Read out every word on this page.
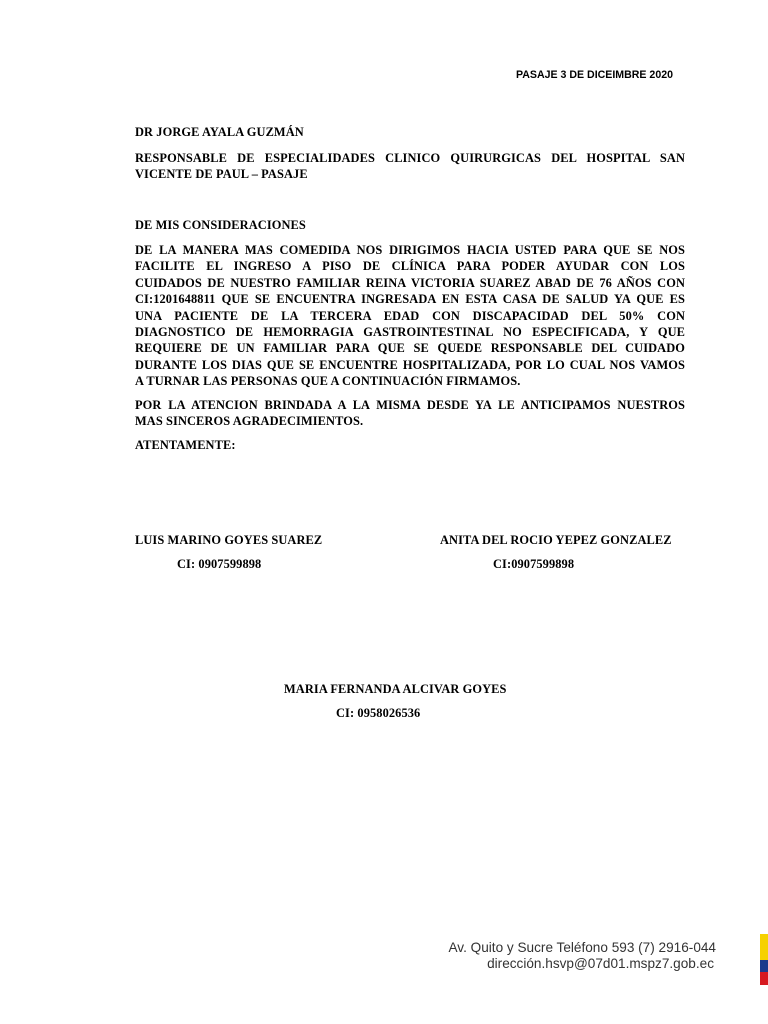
PASAJE 3 DE DICEIMBRE 2020
DR JORGE AYALA GUZMÁN
RESPONSABLE DE ESPECIALIDADES CLINICO QUIRURGICAS DEL HOSPITAL SAN
VICENTE DE PAUL – PASAJE
DE MIS CONSIDERACIONES
DE LA MANERA MAS COMEDIDA NOS DIRIGIMOS HACIA USTED PARA QUE SE NOS
FACILITE EL INGRESO A PISO DE CLÍNICA PARA PODER AYUDAR CON LOS
CUIDADOS DE NUESTRO FAMILIAR REINA VICTORIA SUAREZ ABAD DE 76 AÑOS CON
CI:1201648811 QUE SE ENCUENTRA INGRESADA EN ESTA CASA DE SALUD YA QUE ES
UNA PACIENTE DE LA TERCERA EDAD CON DISCAPACIDAD DEL 50% CON
DIAGNOSTICO DE HEMORRAGIA GASTROINTESTINAL NO ESPECIFICADA, Y QUE
REQUIERE DE UN FAMILIAR PARA QUE SE QUEDE RESPONSABLE DEL CUIDADO
DURANTE LOS DIAS QUE SE ENCUENTRE HOSPITALIZADA, POR LO CUAL NOS VAMOS
A TURNAR LAS PERSONAS QUE A CONTINUACIÓN FIRMAMOS.
POR LA ATENCION BRINDADA A LA MISMA DESDE YA LE ANTICIPAMOS NUESTROS
MAS SINCEROS AGRADECIMIENTOS.
ATENTAMENTE:
LUIS MARINO GOYES SUAREZ
CI: 0907599898
ANITA DEL ROCIO YEPEZ GONZALEZ
CI:0907599898
MARIA FERNANDA ALCIVAR GOYES
CI: 0958026536
Av. Quito y Sucre Teléfono 593 (7) 2916-044
dirección.hsvp@07d01.mspz7.gob.ec
